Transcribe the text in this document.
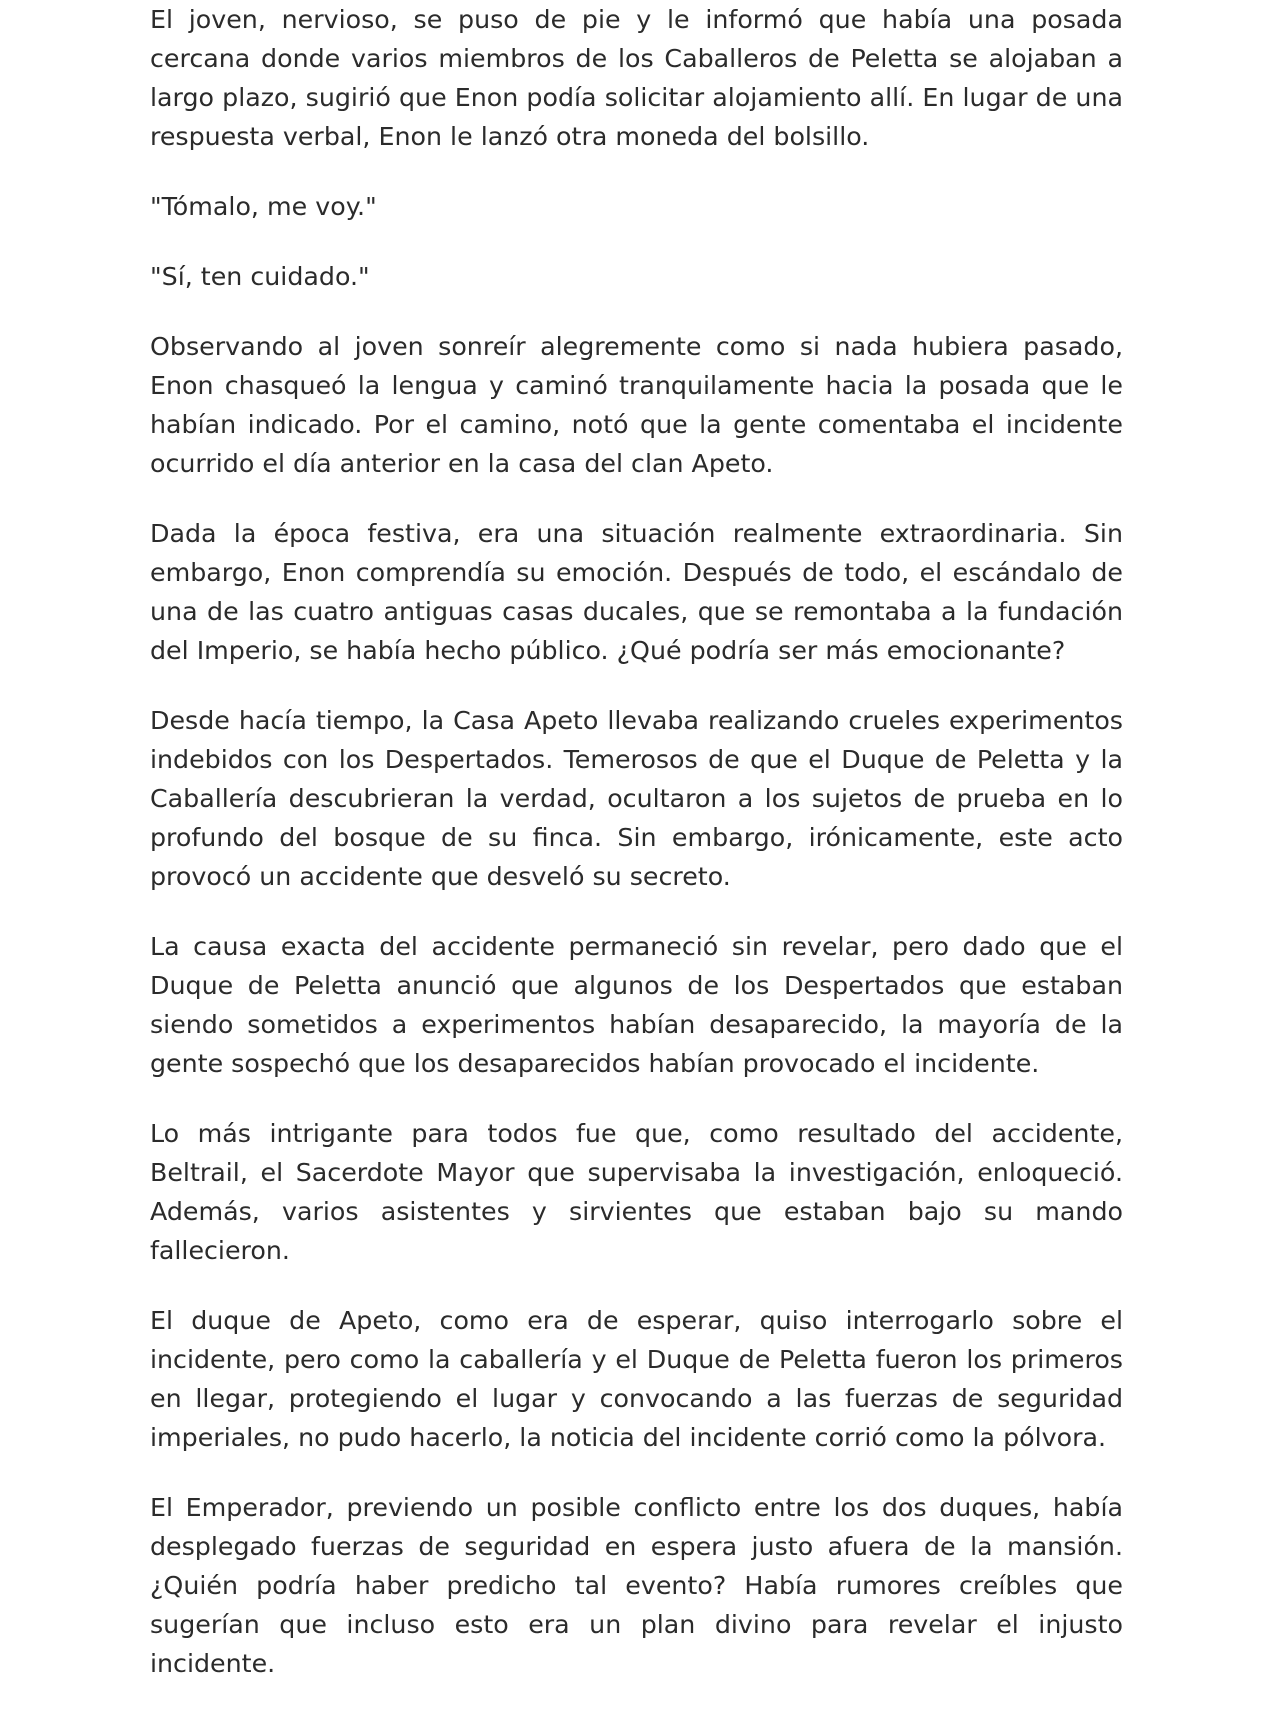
El joven, nervioso, se puso de pie y le informó que había una posada cercana donde varios miembros de los Caballeros de Peletta se alojaban a largo plazo, sugirió que Enon podía solicitar alojamiento allí. En lugar de una respuesta verbal, Enon le lanzó otra moneda del bolsillo.

"Tómalo, me voy."

"Sí, ten cuidado."

Observando al joven sonreír alegremente como si nada hubiera pasado, Enon chasqueó la lengua y caminó tranquilamente hacia la posada que le habían indicado. Por el camino, notó que la gente comentaba el incidente ocurrido el día anterior en la casa del clan Apeto.

Dada la época festiva, era una situación realmente extraordinaria. Sin embargo, Enon comprendía su emoción. Después de todo, el escándalo de una de las cuatro antiguas casas ducales, que se remontaba a la fundación del Imperio, se había hecho público. ¿Qué podría ser más emocionante?

Desde hacía tiempo, la Casa Apeto llevaba realizando crueles experimentos indebidos con los Despertados. Temerosos de que el Duque de Peletta y la Caballería descubrieran la verdad, ocultaron a los sujetos de prueba en lo profundo del bosque de su finca. Sin embargo, irónicamente, este acto provocó un accidente que desveló su secreto.

La causa exacta del accidente permaneció sin revelar, pero dado que el Duque de Peletta anunció que algunos de los Despertados que estaban siendo sometidos a experimentos habían desaparecido, la mayoría de la gente sospechó que los desaparecidos habían provocado el incidente.

Lo más intrigante para todos fue que, como resultado del accidente, Beltrail, el Sacerdote Mayor que supervisaba la investigación, enloqueció. Además, varios asistentes y sirvientes que estaban bajo su mando fallecieron.

El duque de Apeto, como era de esperar, quiso interrogarlo sobre el incidente, pero como la caballería y el Duque de Peletta fueron los primeros en llegar, protegiendo el lugar y convocando a las fuerzas de seguridad imperiales, no pudo hacerlo, la noticia del incidente corrió como la pólvora.

El Emperador, previendo un posible conflicto entre los dos duques, había desplegado fuerzas de seguridad en espera justo afuera de la mansión. ¿Quién podría haber predicho tal evento? Había rumores creíbles que sugerían que incluso esto era un plan divino para revelar el injusto incidente.
